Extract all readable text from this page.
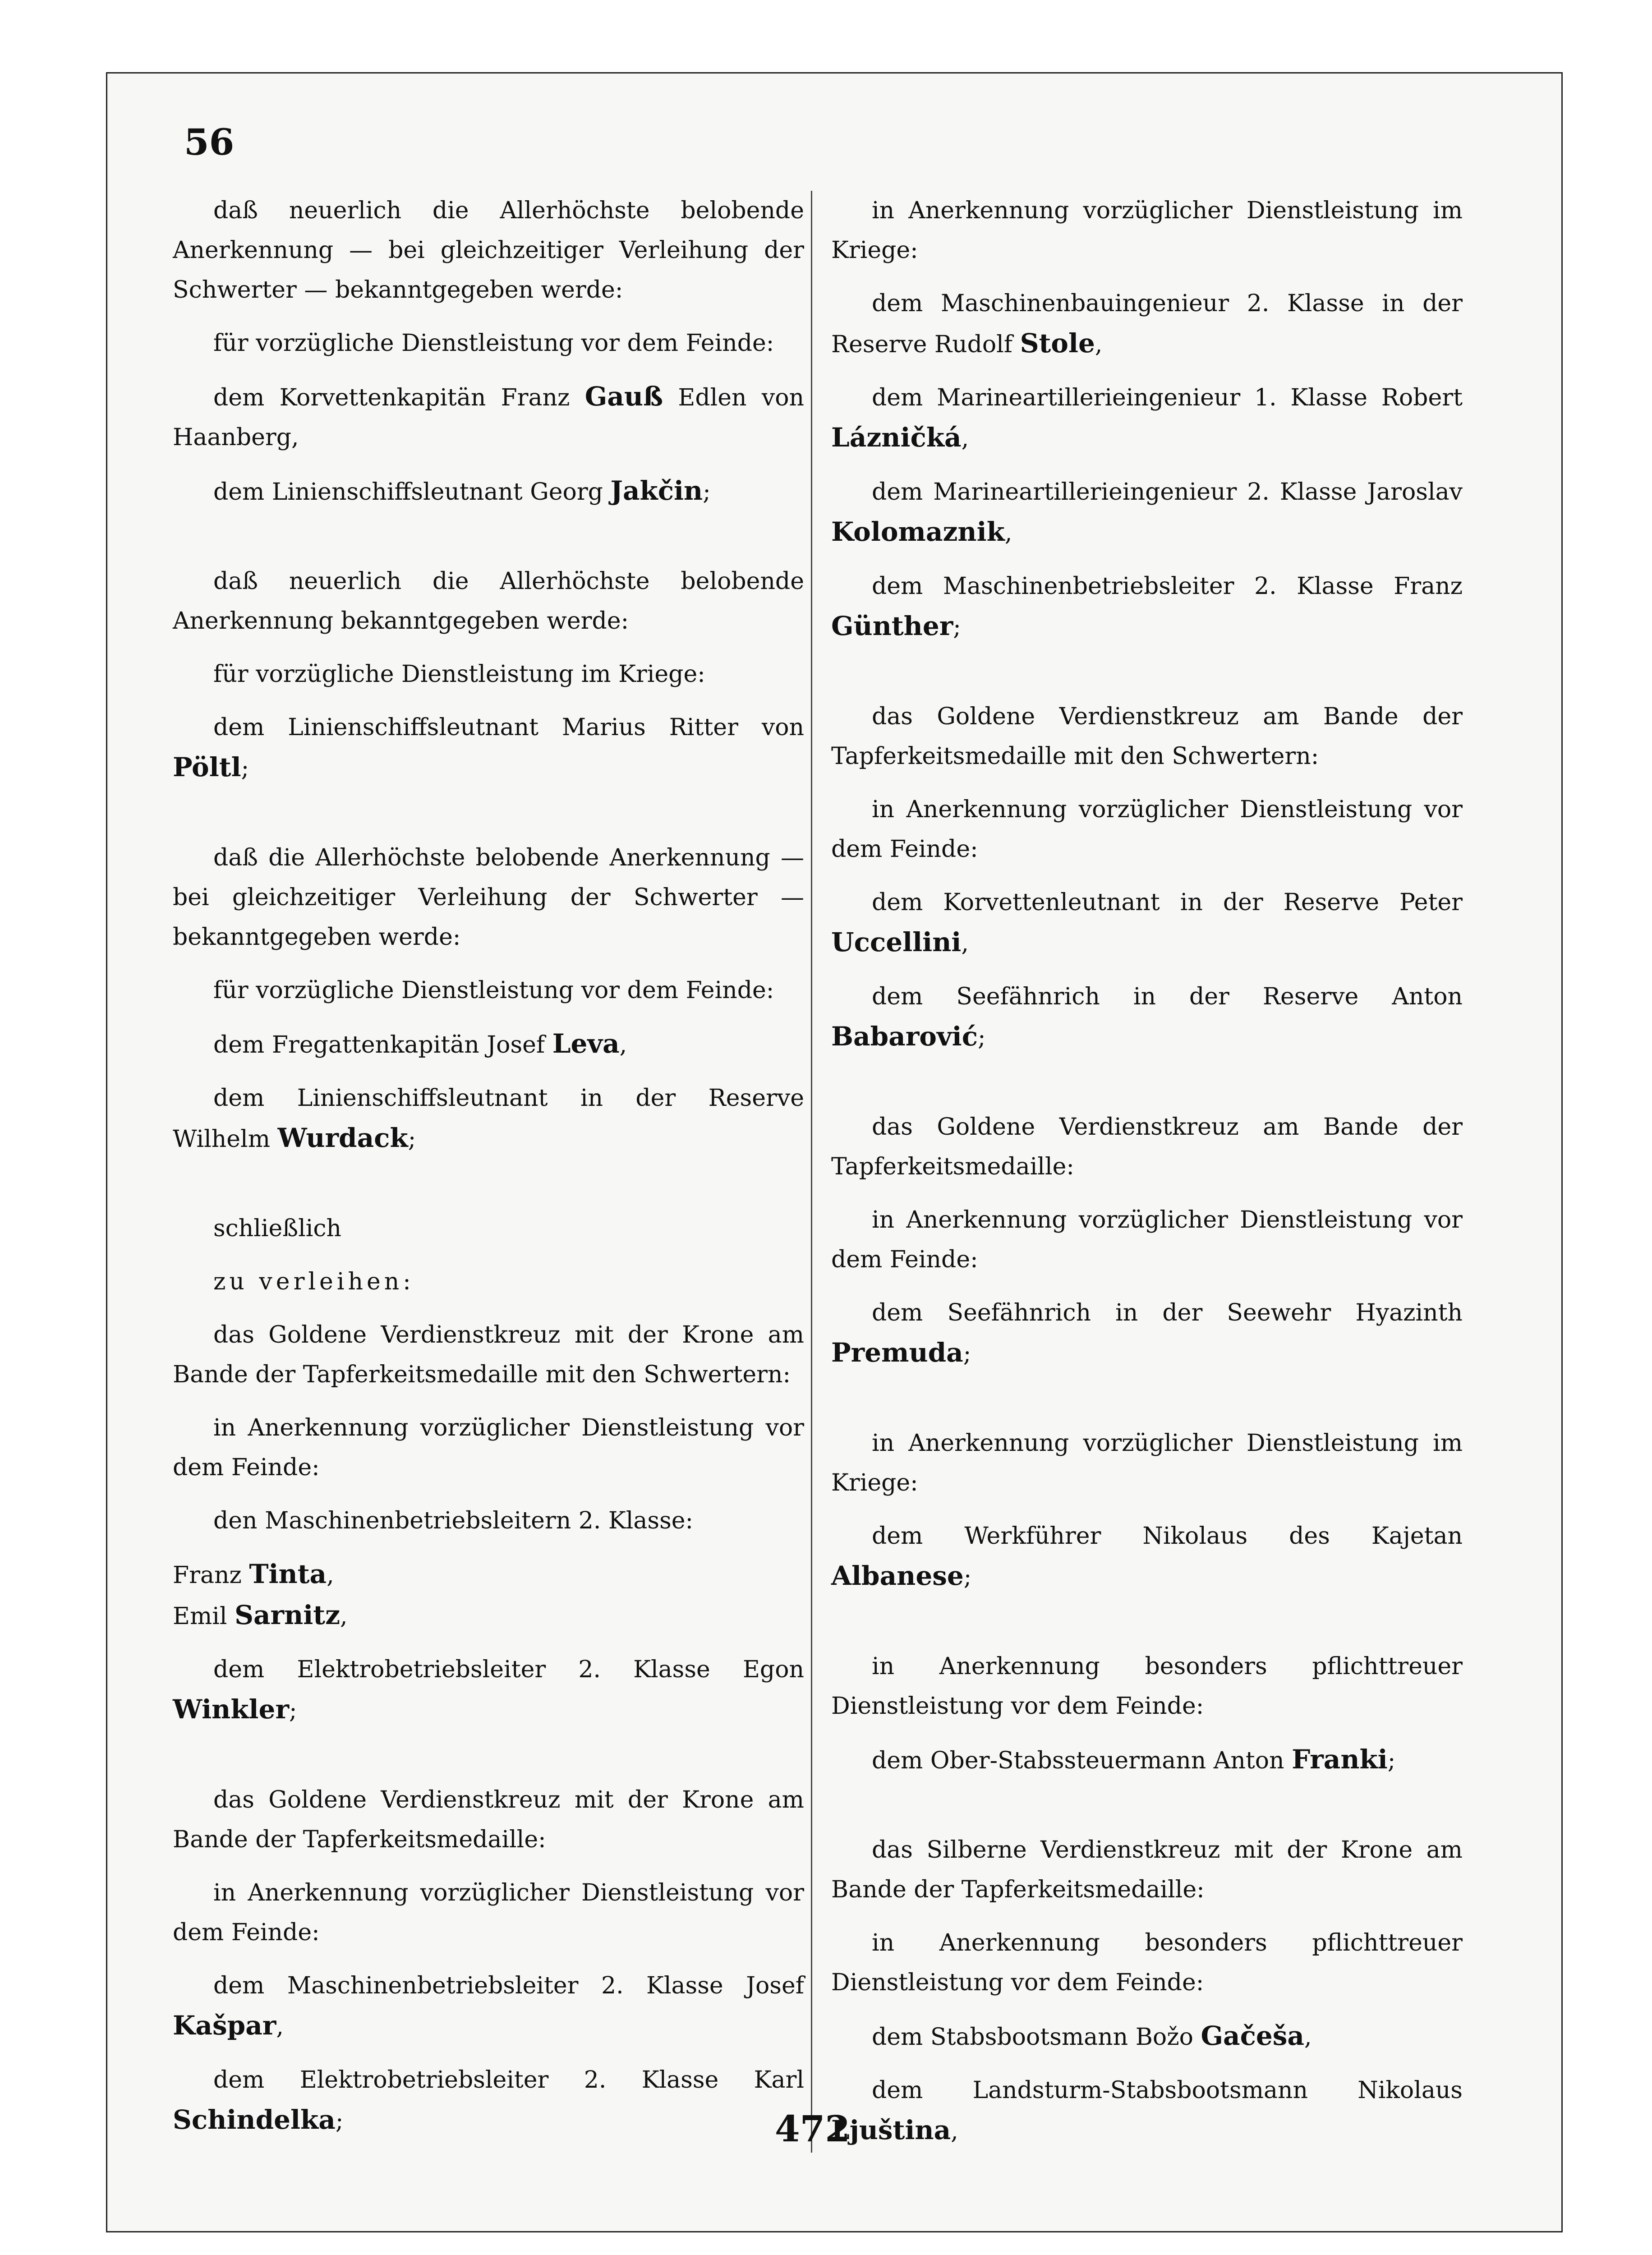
56

daß neuerlich die Allerhöchste belobende Anerkennung — bei gleichzeitiger Verleihung der Schwerter — bekanntgegeben werde:

für vorzügliche Dienstleistung vor dem Feinde:

dem Korvettenkapitän Franz Gauß Edlen von Haanberg,

dem Linienschiffsleutnant Georg Jakčin;

daß neuerlich die Allerhöchste belobende Anerkennung bekanntgegeben werde:

für vorzügliche Dienstleistung im Kriege:

dem Linienschiffsleutnant Marius Ritter von Pöltl;

daß die Allerhöchste belobende Anerkennung — bei gleichzeitiger Verleihung der Schwerter — bekanntgegeben werde:

für vorzügliche Dienstleistung vor dem Feinde:

dem Fregattenkapitän Josef Leva,

dem Linienschiffsleutnant in der Reserve Wilhelm Wurdack;

schließlich

zu verleihen:

das Goldene Verdienstkreuz mit der Krone am Bande der Tapferkeitsmedaille mit den Schwertern:

in Anerkennung vorzüglicher Dienstleistung vor dem Feinde:

den Maschinenbetriebsleitern 2. Klasse:

Franz Tinta,

Emil Sarnitz,

dem Elektrobetriebsleiter 2. Klasse Egon Winkler;

das Goldene Verdienstkreuz mit der Krone am Bande der Tapferkeitsmedaille:

in Anerkennung vorzüglicher Dienstleistung vor dem Feinde:

dem Maschinenbetriebsleiter 2. Klasse Josef Kašpar,

dem Elektrobetriebsleiter 2. Klasse Karl Schindelka;

in Anerkennung vorzüglicher Dienstleistung im Kriege:

dem Maschinenbauingenieur 2. Klasse in der Reserve Rudolf Stole,

dem Marineartillerieingenieur 1. Klasse Robert Lázničká,

dem Marineartillerieingenieur 2. Klasse Jaroslav Kolomaznik,

dem Maschinenbetriebsleiter 2. Klasse Franz Günther;

das Goldene Verdienstkreuz am Bande der Tapferkeitsmedaille mit den Schwertern:

in Anerkennung vorzüglicher Dienstleistung vor dem Feinde:

dem Korvettenleutnant in der Reserve Peter Uccellini,

dem Seefähnrich in der Reserve Anton Babarović;

das Goldene Verdienstkreuz am Bande der Tapferkeitsmedaille:

in Anerkennung vorzüglicher Dienstleistung vor dem Feinde:

dem Seefähnrich in der Seewehr Hyazinth Premuda;

in Anerkennung vorzüglicher Dienstleistung im Kriege:

dem Werkführer Nikolaus des Kajetan Albanese;

in Anerkennung besonders pflichttreuer Dienstleistung vor dem Feinde:

dem Ober-Stabssteuermann Anton Franki;

das Silberne Verdienstkreuz mit der Krone am Bande der Tapferkeitsmedaille:

in Anerkennung besonders pflichttreuer Dienstleistung vor dem Feinde:

dem Stabsbootsmann Božo Gačeša,

dem Landsturm-Stabsbootsmann Nikolaus Ljuština,

472
